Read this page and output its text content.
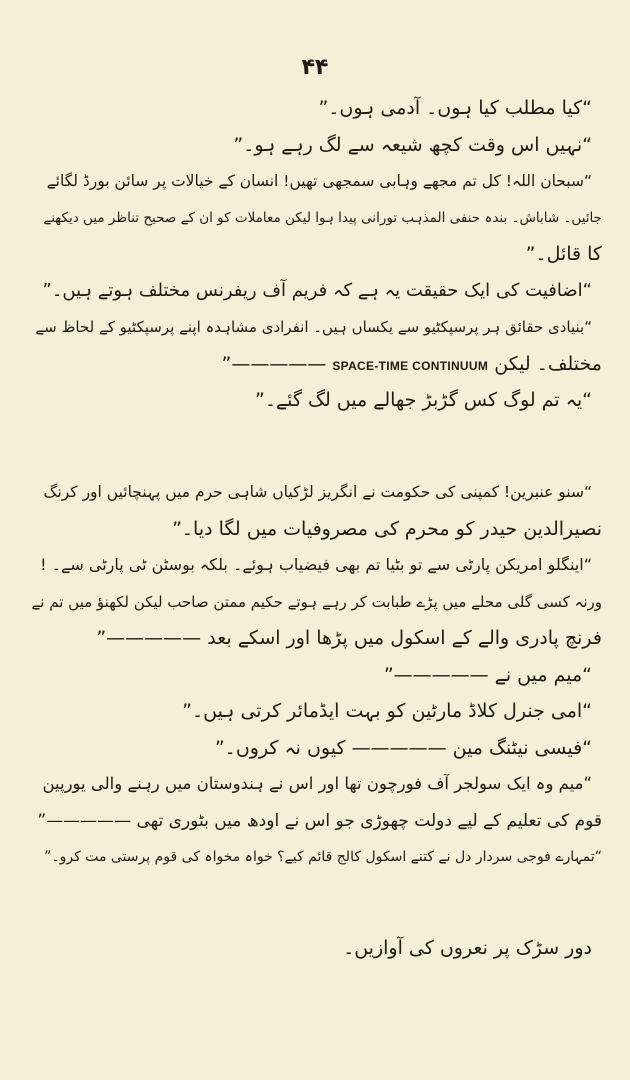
۴۴
“کیا مطلب کیا ہوں۔ آدمی ہوں۔”
“نہیں اس وقت کچھ شیعہ سے لگ رہے ہو۔”
“سبحان اللہ! کل تم مجھے وہابی سمجھی تھیں! انسان کے خیالات پر سائن بورڈ لگائے
جائیں۔ شاباش۔ بندہ حنفی المذہب تورانی پیدا ہوا لیکن معاملات کو ان کے صحیح تناظر میں دیکھنے
کا قائل۔”
“اضافیت کی ایک حقیقت یہ ہے کہ فریم آف ریفرنس مختلف ہوتے ہیں۔”
“بنیادی حقائق ہر پرسپکٹیو سے یکساں ہیں۔ انفرادی مشاہدہ اپنے پرسپکٹیو کے لحاظ سے
مختلف۔ لیکن SPACE-TIME CONTINUUM —————”
“یہ تم لوگ کس گڑبڑ جھالے میں لگ گئے۔”
“سنو عنبرین! کمپنی کی حکومت نے انگریز لڑکیاں شاہی حرم میں پہنچائیں اور کرنگ
نصیرالدین حیدر کو محرم کی مصروفیات میں لگا دیا۔”
“اینگلو امریکن پارٹی سے تو بٹیا تم بھی فیضیاب ہوئے۔ بلکہ بوسٹن ٹی پارٹی سے۔ !
ورنہ کسی گلی محلے میں پڑے طبابت کر رہے ہوتے حکیم ممتن صاحب لیکن لکھنؤ میں تم نے
فرنچ پادری والے کے اسکول میں پڑھا اور اسکے بعد —————”
“میم میں نے —————”
“امی جنرل کلاڈ مارٹین کو بہت ایڈمائر کرتی ہیں۔”
“فیسی نیٹنگ مین ————— کیوں نہ کروں۔”
“میم وہ ایک سولجر آف فورچون تھا اور اس نے ہندوستان میں رہنے والی یورپین
قوم کی تعلیم کے لیے دولت چھوڑی جو اس نے اودھ میں بٹوری تھی —————”
“تمہارے فوجی سردار دل نے کتنے اسکول کالج قائم کیے؟ خواہ مخواہ کی قوم پرستی مت کرو۔”
دور سڑک پر نعروں کی آوازیں۔
